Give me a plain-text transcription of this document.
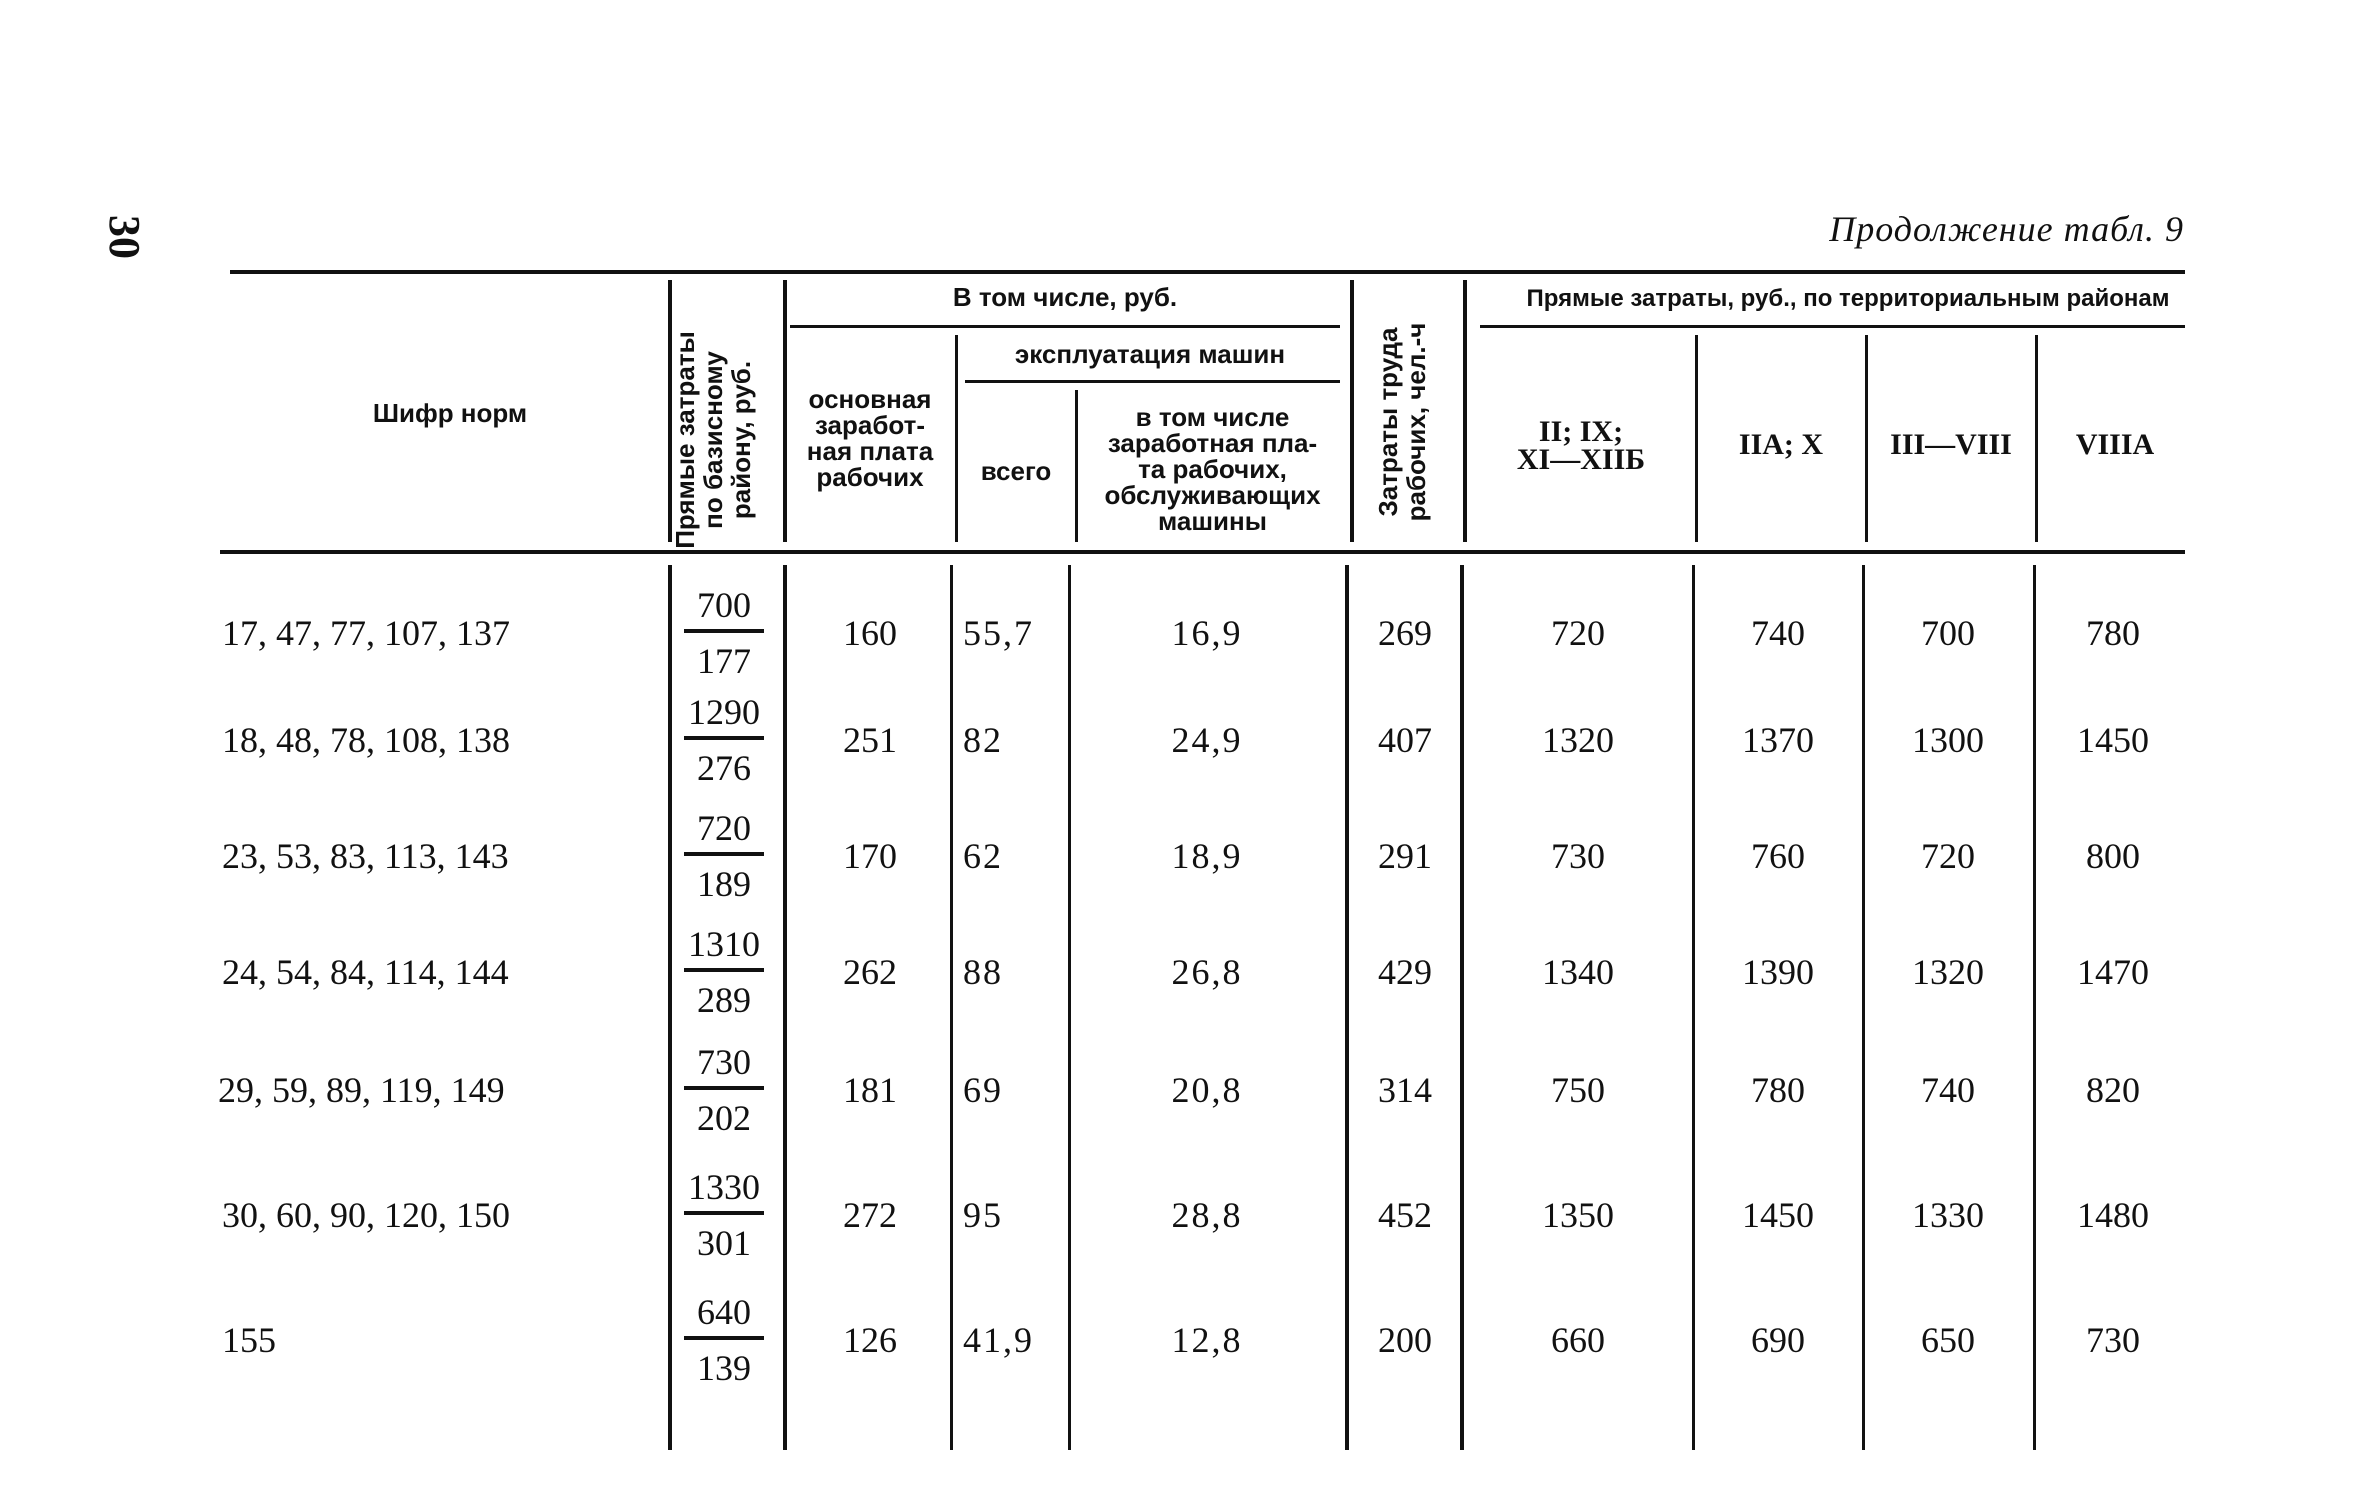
30	Продолжение табл. 9
Шифр норм
Прямые затраты
по базисному
району, руб.
В том числе, руб.
основная
заработ-
ная плата
рабочих
эксплуатация машин
всего
в том числе
заработная пла-
та рабочих,
обслуживающих
машины
Затраты труда
рабочих, чел.-ч
Прямые затраты, руб., по территориальным районам
II; IX;
XI—XIIБ	IIA; X	III—VIII	VIIIA
17, 47, 77, 107, 137	$\frac{700}{177}$	160	55,7	16,9	269	720	740	700	780
18, 48, 78, 108, 138	$\frac{1290}{276}$	251	82	24,9	407	1320	1370	1300	1450
23, 53, 83, 113, 143	$\frac{720}{189}$	170	62	18,9	291	730	760	720	800
24, 54, 84, 114, 144	$\frac{1310}{289}$	262	88	26,8	429	1340	1390	1320	1470
29, 59, 89, 119, 149	$\frac{730}{202}$	181	69	20,8	314	750	780	740	820
30, 60, 90, 120, 150	$\frac{1330}{301}$	272	95	28,8	452	1350	1450	1330	1480
155	$\frac{640}{139}$	126	41,9	12,8	200	660	690	650	730
